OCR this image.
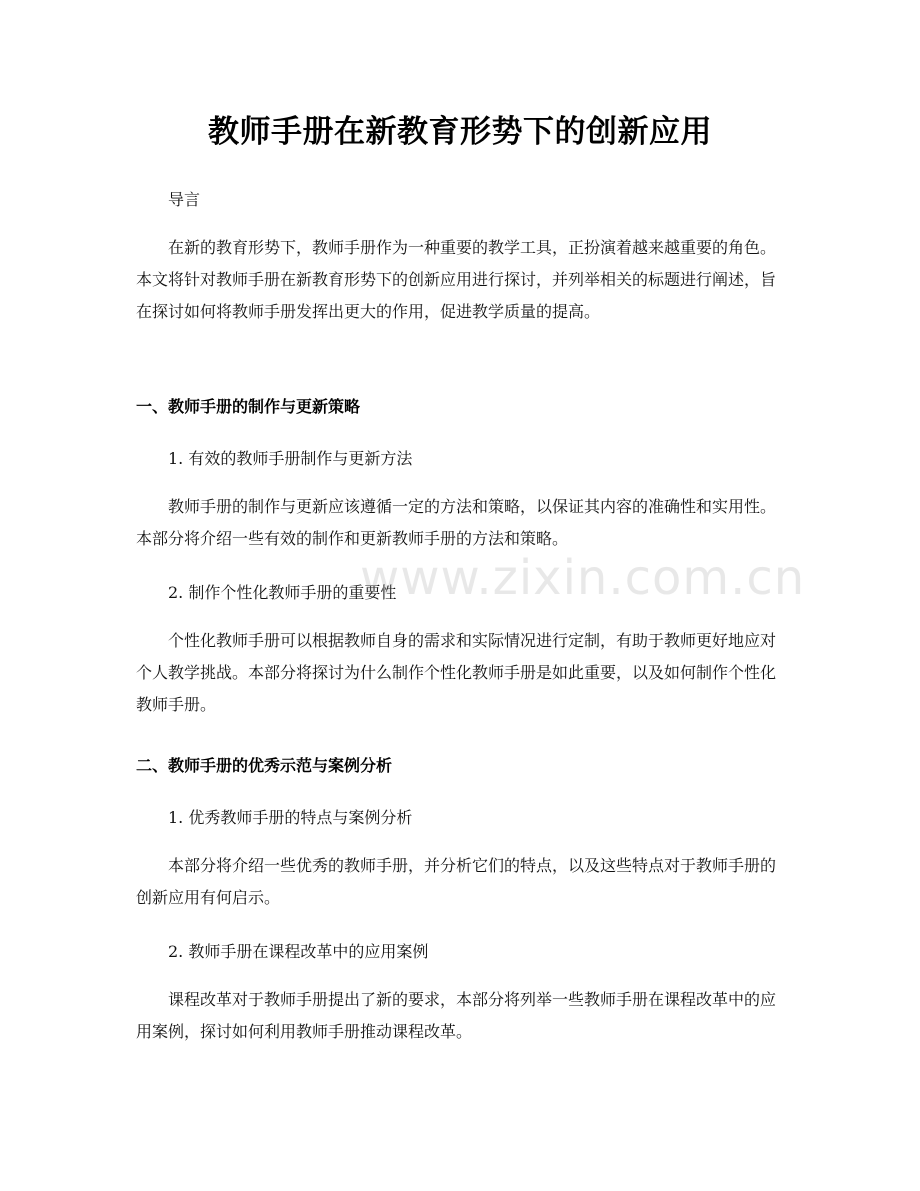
教师手册在新教育形势下的创新应用
导言
在新的教育形势下，教师手册作为一种重要的教学工具，正扮演着越来越重要的角色。本文将针对教师手册在新教育形势下的创新应用进行探讨，并列举相关的标题进行阐述，旨在探讨如何将教师手册发挥出更大的作用，促进教学质量的提高。
一、教师手册的制作与更新策略
1. 有效的教师手册制作与更新方法
教师手册的制作与更新应该遵循一定的方法和策略，以保证其内容的准确性和实用性。本部分将介绍一些有效的制作和更新教师手册的方法和策略。
2. 制作个性化教师手册的重要性
个性化教师手册可以根据教师自身的需求和实际情况进行定制，有助于教师更好地应对个人教学挑战。本部分将探讨为什么制作个性化教师手册是如此重要，以及如何制作个性化教师手册。
二、教师手册的优秀示范与案例分析
1. 优秀教师手册的特点与案例分析
本部分将介绍一些优秀的教师手册，并分析它们的特点，以及这些特点对于教师手册的创新应用有何启示。
2. 教师手册在课程改革中的应用案例
课程改革对于教师手册提出了新的要求，本部分将列举一些教师手册在课程改革中的应用案例，探讨如何利用教师手册推动课程改革。
www.zixin.com.cn
